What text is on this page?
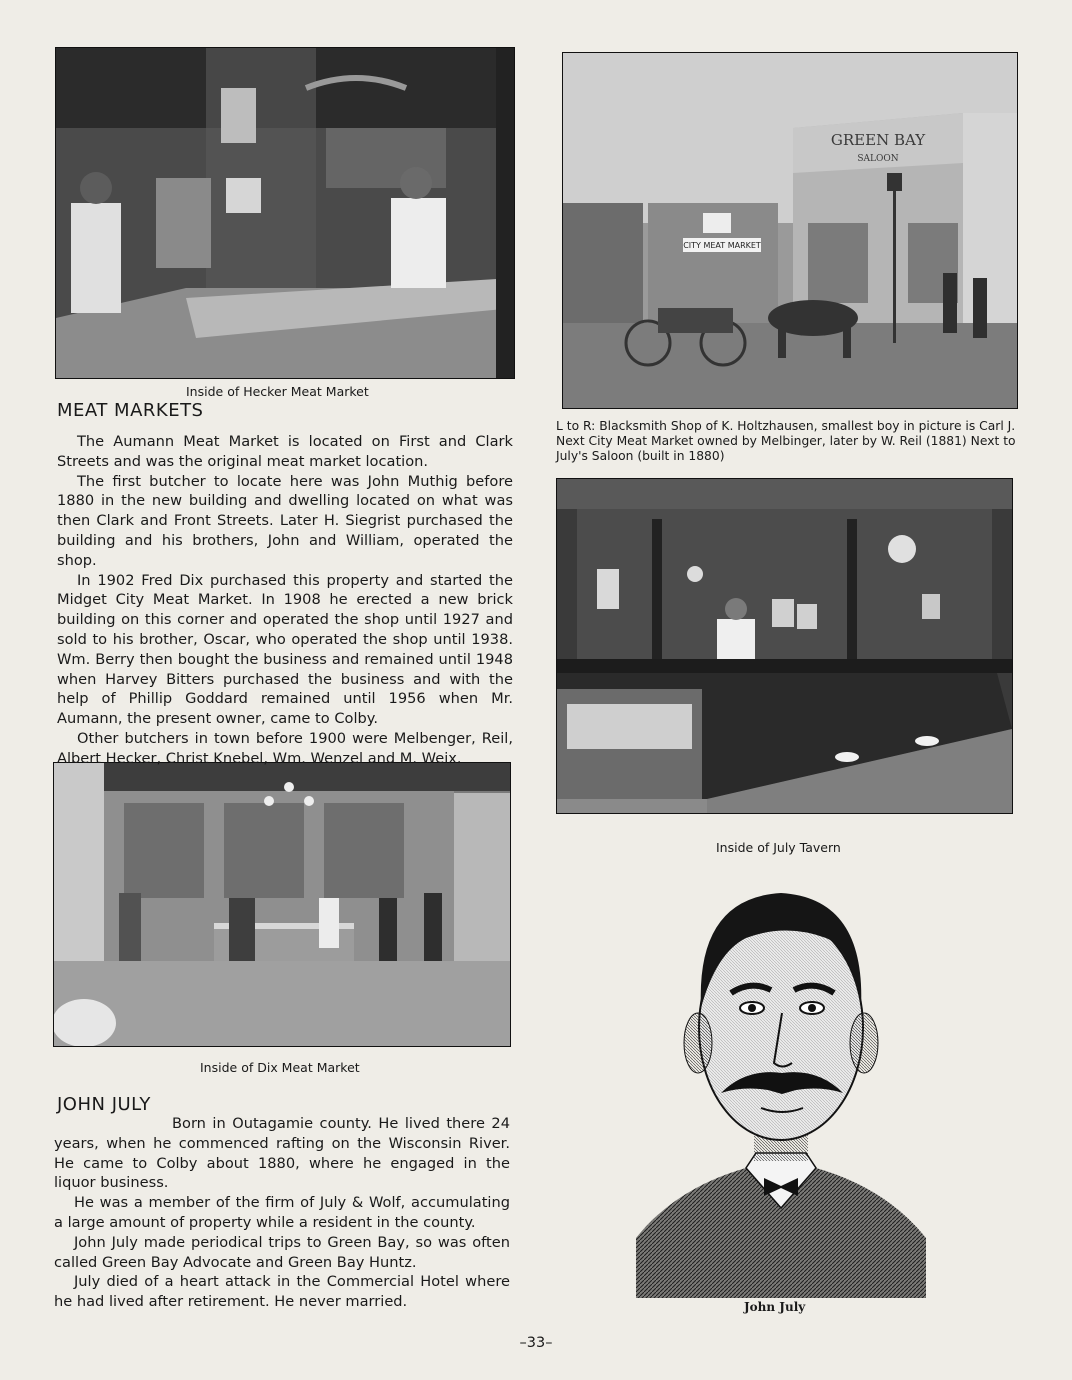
Inside of Hecker Meat Market
CITY MEAT MARKET
GREEN BAY
SALOON
L to R: Blacksmith Shop of K. Holtzhausen, smallest boy in picture is Carl J. Next City Meat Market owned by Melbinger, later by W. Reil (1881) Next to July's Saloon (built in 1880)
Inside of July Tavern
Inside of Dix Meat Market
MEAT MARKETS

The Aumann Meat Market is located on First and Clark Streets and was the original meat market location.

The first butcher to locate here was John Muthig before 1880 in the new building and dwelling located on what was then Clark and Front Streets. Later H. Siegrist purchased the building and his brothers, John and William, operated the shop.

In 1902 Fred Dix purchased this property and started the Midget City Meat Market. In 1908 he erected a new brick building on this corner and operated the shop until 1927 and sold to his brother, Oscar, who operated the shop until 1938. Wm. Berry then bought the business and remained until 1948 when Harvey Bitters purchased the business and with the help of Phillip Goddard remained until 1956 when Mr. Aumann, the present owner, came to Colby.

Other butchers in town before 1900 were Melbenger, Reil, Albert Hecker, Christ Knebel, Wm. Wenzel and M. Weix.

JOHN JULY

Born in Outagamie county. He lived there 24 years, when he commenced rafting on the Wisconsin River. He came to Colby about 1880, where he engaged in the liquor business.

He was a member of the firm of July & Wolf, accumulating a large amount of property while a resident in the county.

John July made periodical trips to Green Bay, so was often called Green Bay Advocate and Green Bay Huntz.

July died of a heart attack in the Commercial Hotel where he had lived after retirement. He never married.	John July
–33–
